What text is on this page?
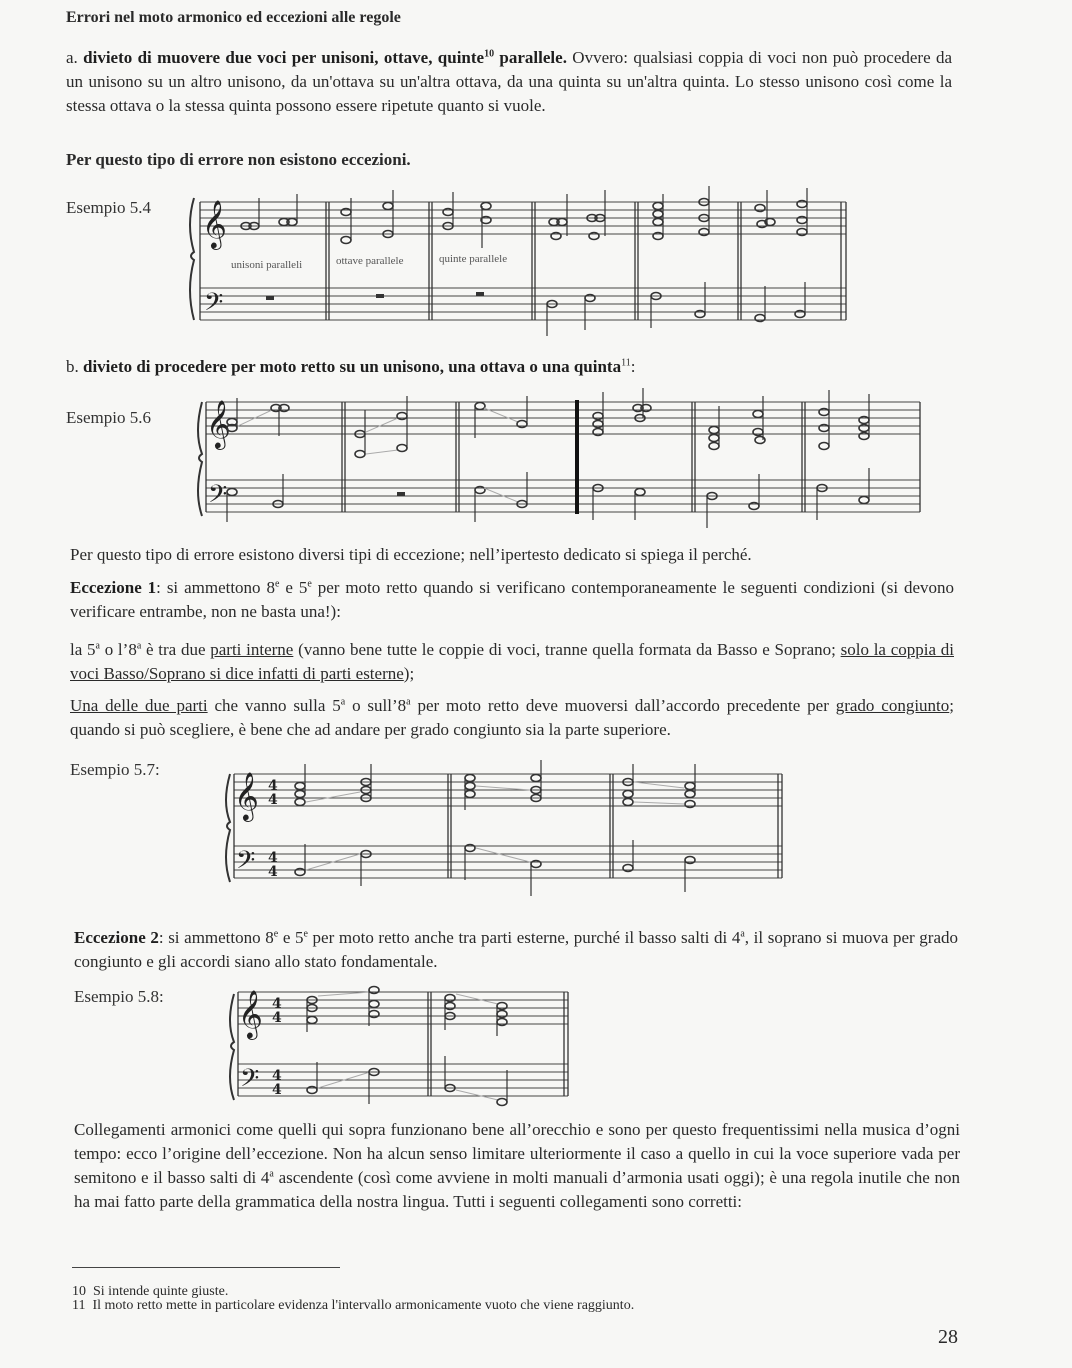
Errori nel moto armonico ed eccezioni alle regole
a. divieto di muovere due voci per unisoni, ottave, quinte$^{10}$ parallele. Ovvero: qualsiasi coppia di voci non può procedere da un unisono su un altro unisono, da un'ottava su un'altra ottava, da una quinta su un'altra quinta. Lo stesso unisono così come la stessa ottava o la stessa quinta possono essere ripetute quanto si vuole.
Per questo tipo di errore non esistono eccezioni.
Esempio 5.4 𝄞
𝄢
unisoni paralleli	ottave parallele	quinte parallele
b. divieto di procedere per moto retto su un unisono, una ottava o una quinta$^{11}$:
Esempio 5.6 𝄞
𝄢
Per questo tipo di errore esistono diversi tipi di eccezione; nell’ipertesto dedicato si spiega il perché.
Eccezione 1: si ammettono 8e e 5e per moto retto quando si verificano contemporaneamente le seguenti condizioni (si devono verificare entrambe, non ne basta una!):
la 5$^a$ o l’8$^a$ è tra due parti interne (vanno bene tutte le coppie di voci, tranne quella formata da Basso e Soprano; solo la coppia di voci Basso/Soprano si dice infatti di parti esterne);
Una delle due parti che vanno sulla 5$^a$ o sull’8$^a$ per moto retto deve muoversi dall’accordo precedente per grado congiunto; quando si può scegliere, è bene che ad andare per grado congiunto sia la parte superiore.
Esempio 5.7:
𝄞
𝄢
4
4
4
4
Eccezione 2: si ammettono 8e e 5e per moto retto anche tra parti esterne, purché il basso salti di 4$^a$, il soprano si muova per grado congiunto e gli accordi siano allo stato fondamentale.
Esempio 5.8: 𝄞
𝄢
4
4
4
4
Collegamenti armonici come quelli qui sopra funzionano bene all’orecchio e sono per questo frequentissimi nella musica d’ogni tempo: ecco l’origine dell’eccezione. Non ha alcun senso limitare ulteriormente il caso a quello in cui la voce superiore vada per semitono e il basso salti di 4$^a$ ascendente (così come avviene in molti manuali d’armonia usati oggi); è una regola inutile che non ha mai fatto parte della grammatica della nostra lingua. Tutti i seguenti collegamenti sono corretti:
10 Si intende quinte giuste.
11 Il moto retto mette in particolare evidenza l'intervallo armonicamente vuoto che viene raggiunto.
28
